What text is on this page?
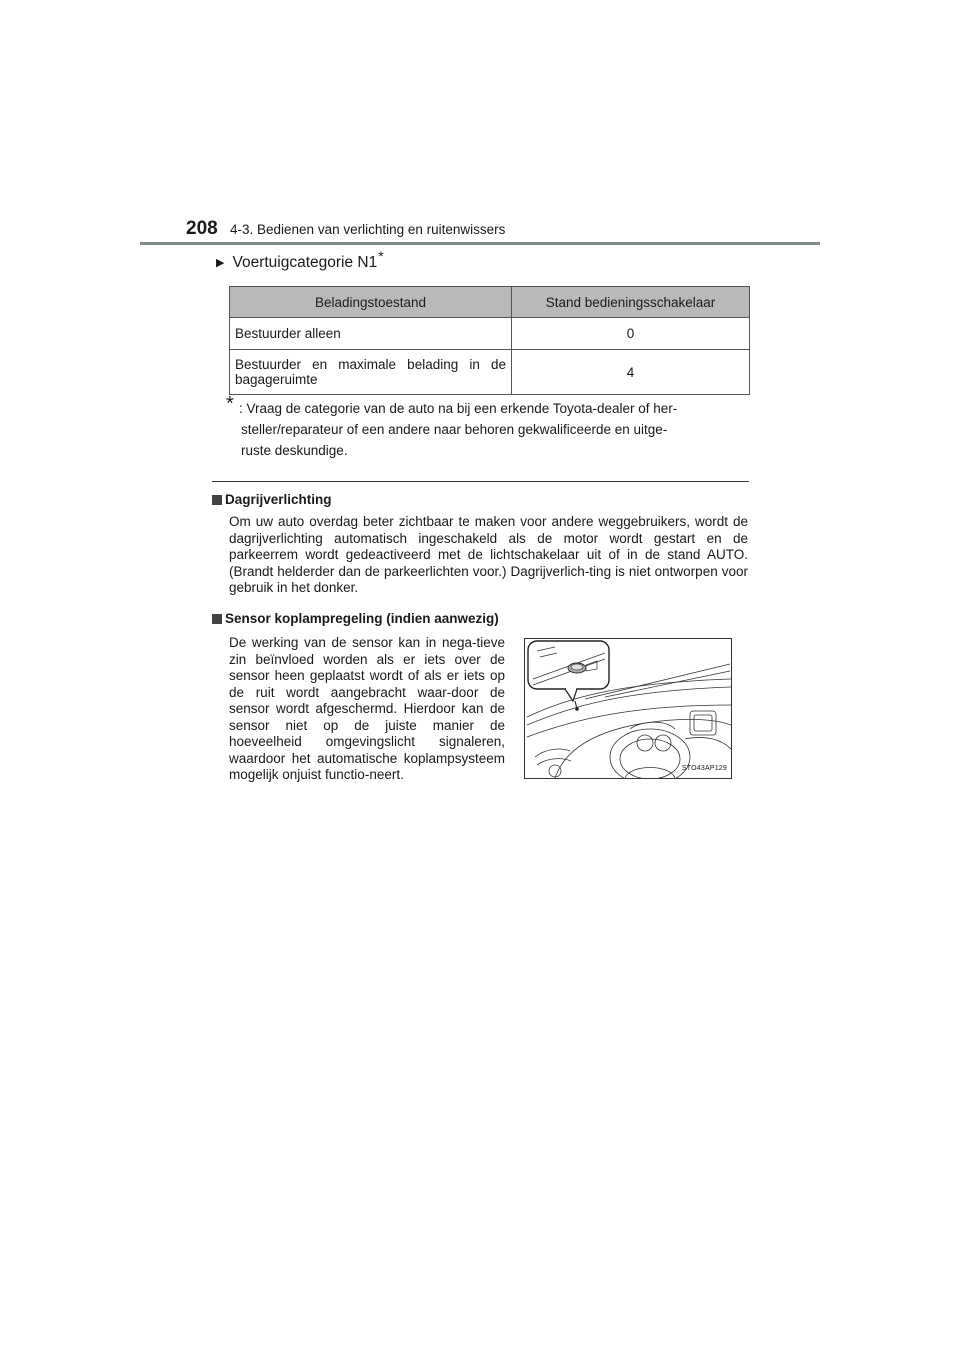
208 4-3. Bedienen van verlichting en ruitenwissers
▶ Voertuigcategorie N1 *
Beladingstoestand	Stand bedieningsschakelaar
Bestuurder alleen	0
Bestuurder en maximale belading in de bagageruimte	4
* : Vraag de categorie van de auto na bij een erkende Toyota-dealer of her-
steller/reparateur of een andere naar behoren gekwalificeerde en uitge-
ruste deskundige.
Dagrijverlichting
Om uw auto overdag beter zichtbaar te maken voor andere weggebruikers, wordt de dagrijverlichting automatisch ingeschakeld als de motor wordt gestart en de parkeerrem wordt gedeactiveerd met de lichtschakelaar uit of in de stand AUTO. (Brandt helderder dan de parkeerlichten voor.) Dagrijverlich-ting is niet ontworpen voor gebruik in het donker.
Sensor koplampregeling (indien aanwezig)
De werking van de sensor kan in nega-tieve zin beïnvloed worden als er iets over de sensor heen geplaatst wordt of als er iets op de ruit wordt aangebracht waar-door de sensor wordt afgeschermd. Hierdoor kan de sensor niet op de juiste manier de hoeveelheid omgevingslicht signaleren, waardoor het automatische koplampsysteem mogelijk onjuist functio-neert.	STO43AP129
